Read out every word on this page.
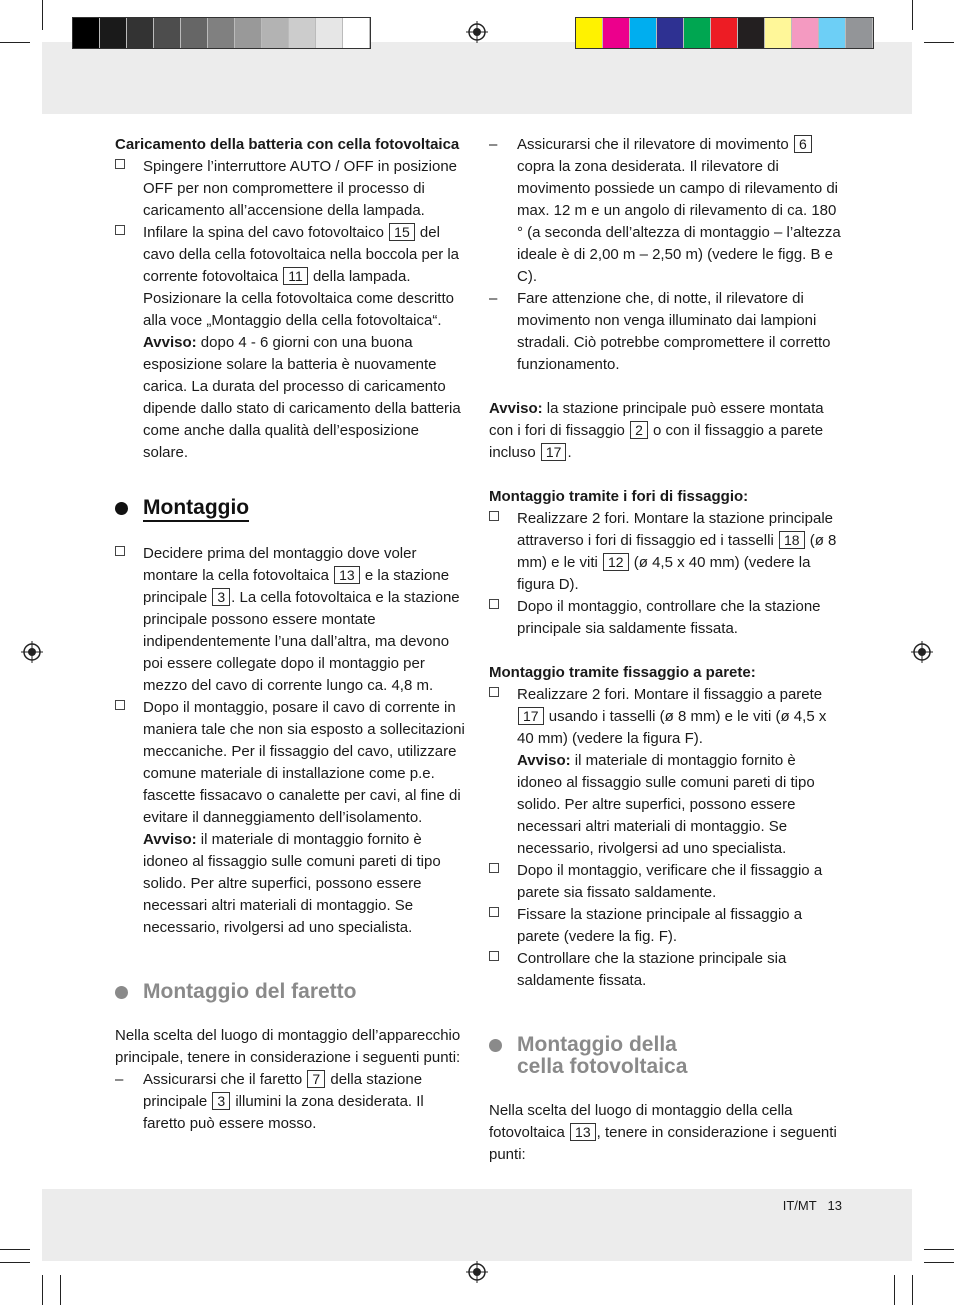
Caricamento della batteria con cella fotovoltaica

Spingere l’interruttore AUTO / OFF in posizione OFF per non compromettere il processo di caricamento all’accensione della lampada.

Infilare la spina del cavo fotovoltaico 15 del cavo della cella fotovoltaica nella boccola per la corrente fotovoltaica 11 della lampada. Posizionare la cella fotovoltaica come descritto alla voce „Montaggio della cella fotovoltaica“.
Avviso: dopo 4 - 6 giorni con una buona esposizione solare la batteria è nuovamente carica. La durata del processo di caricamento dipende dallo stato di caricamento della batteria come anche dalla qualità dell’esposizione solare.

Montaggio

Decidere prima del montaggio dove voler montare la cella fotovoltaica 13 e la stazione principale 3 . La cella fotovoltaica e la stazione principale possono essere montate indipendentemente l’una dall’altra, ma devono poi essere collegate dopo il montaggio per mezzo del cavo di corrente lungo ca. 4,8 m.

Dopo il montaggio, posare il cavo di corrente in maniera tale che non sia esposto a sollecitazioni meccaniche. Per il fissaggio del cavo, utilizzare comune materiale di installazione come p.e. fascette fissacavo o canalette per cavi, al fine di evitare il danneggiamento dell’isolamento.
Avviso: il materiale di montaggio fornito è idoneo al fissaggio sulle comuni pareti di tipo solido. Per altre superfici, possono essere necessari altri materiali di montaggio. Se necessario, rivolgersi ad uno specialista.

Montaggio del faretto

Nella scelta del luogo di montaggio dell’apparecchio principale, tenere in considerazione i seguenti punti:

– Assicurarsi che il faretto 7 della stazione principale 3 illumini la zona desiderata. Il faretto può essere mosso.

– Assicurarsi che il rilevatore di movimento 6 copra la zona desiderata. Il rilevatore di movimento possiede un campo di rilevamento di max. 12 m e un angolo di rilevamento di ca. 180 ° (a seconda dell’altezza di montaggio – l’altezza ideale è di 2,00 m – 2,50 m) (vedere le figg. B e C).

– Fare attenzione che, di notte, il rilevatore di movimento non venga illuminato dai lampioni stradali. Ciò potrebbe compromettere il corretto funzionamento.

Avviso: la stazione principale può essere montata con i fori di fissaggio 2 o con il fissaggio a parete incluso 17 .

Montaggio tramite i fori di fissaggio:

Realizzare 2 fori. Montare la stazione principale attraverso i fori di fissaggio ed i tasselli 18 (ø 8 mm) e le viti 12 (ø 4,5 x 40 mm) (vedere la figura D).

Dopo il montaggio, controllare che la stazione principale sia saldamente fissata.

Montaggio tramite fissaggio a parete:

Realizzare 2 fori. Montare il fissaggio a parete 17 usando i tasselli (ø 8 mm) e le viti (ø 4,5 x 40 mm) (vedere la figura F).
Avviso: il materiale di montaggio fornito è idoneo al fissaggio sulle comuni pareti di tipo solido. Per altre superfici, possono essere necessari altri materiali di montaggio. Se necessario, rivolgersi ad uno specialista.

Dopo il montaggio, verificare che il fissaggio a parete sia fissato saldamente.

Fissare la stazione principale al fissaggio a parete (vedere la fig. F).

Controllare che la stazione principale sia saldamente fissata.

Montaggio della
cella fotovoltaica

Nella scelta del luogo di montaggio della cella fotovoltaica 13 , tenere in considerazione i seguenti punti:

IT/MT 13
